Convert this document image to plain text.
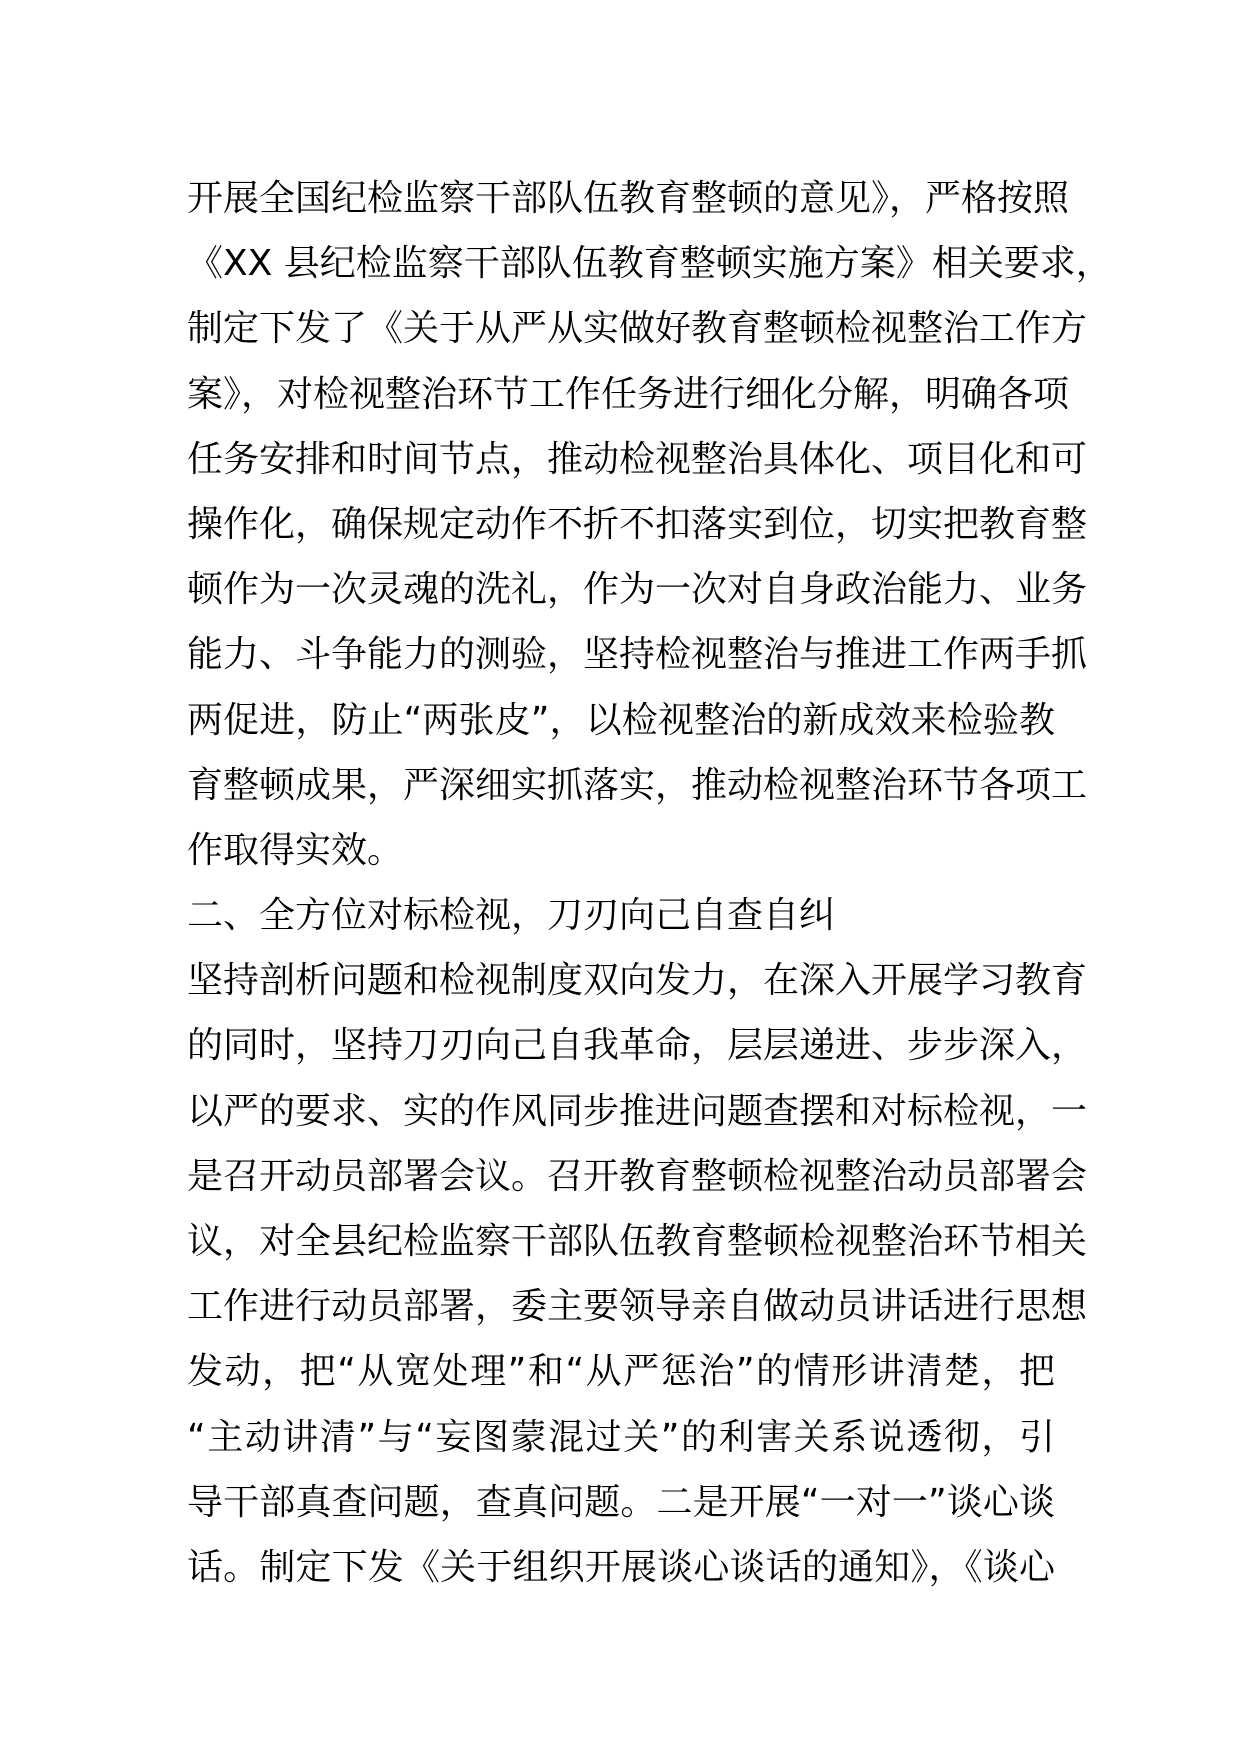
开展全国纪检监察干部队伍教育整顿的意见》，严格按照
《XX 县纪检监察干部队伍教育整顿实施方案》相关要求，
制定下发了《关于从严从实做好教育整顿检视整治工作方
案》，对检视整治环节工作任务进行细化分解，明确各项
任务安排和时间节点，推动检视整治具体化、项目化和可
操作化，确保规定动作不折不扣落实到位，切实把教育整
顿作为一次灵魂的洗礼，作为一次对自身政治能力、业务
能力、斗争能力的测验，坚持检视整治与推进工作两手抓
两促进，防止“两张皮”，以检视整治的新成效来检验教
育整顿成果，严深细实抓落实，推动检视整治环节各项工
作取得实效。
二、全方位对标检视，刀刃向己自查自纠
坚持剖析问题和检视制度双向发力，在深入开展学习教育
的同时，坚持刀刃向己自我革命，层层递进、步步深入，
以严的要求、实的作风同步推进问题查摆和对标检视，一
是召开动员部署会议。召开教育整顿检视整治动员部署会
议，对全县纪检监察干部队伍教育整顿检视整治环节相关
工作进行动员部署，委主要领导亲自做动员讲话进行思想
发动，把“从宽处理”和“从严惩治”的情形讲清楚，把
“主动讲清”与“妄图蒙混过关”的利害关系说透彻，引
导干部真查问题，查真问题。二是开展“一对一”谈心谈
话。制定下发《关于组织开展谈心谈话的通知》，《谈心
